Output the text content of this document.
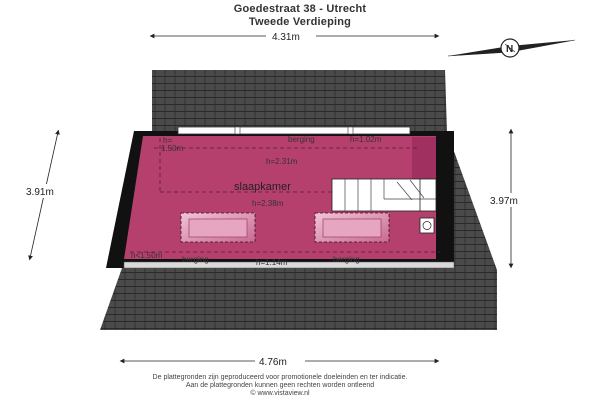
Goedestraat 38 - Utrecht
Tweede Verdieping
h=
1.50m
berging	h=1.02m
h=2.31m
slaapkamer
h=2.38m
h<1.50m
h=1.14m
berging	berging
4.31m
4.76m
3.91m
3.97m
N
De plattegronden zijn geproduceerd voor promotionele doeleinden en ter indicatie.
Aan de plattegronden kunnen geen rechten worden ontleend
© www.vistaview.nl
